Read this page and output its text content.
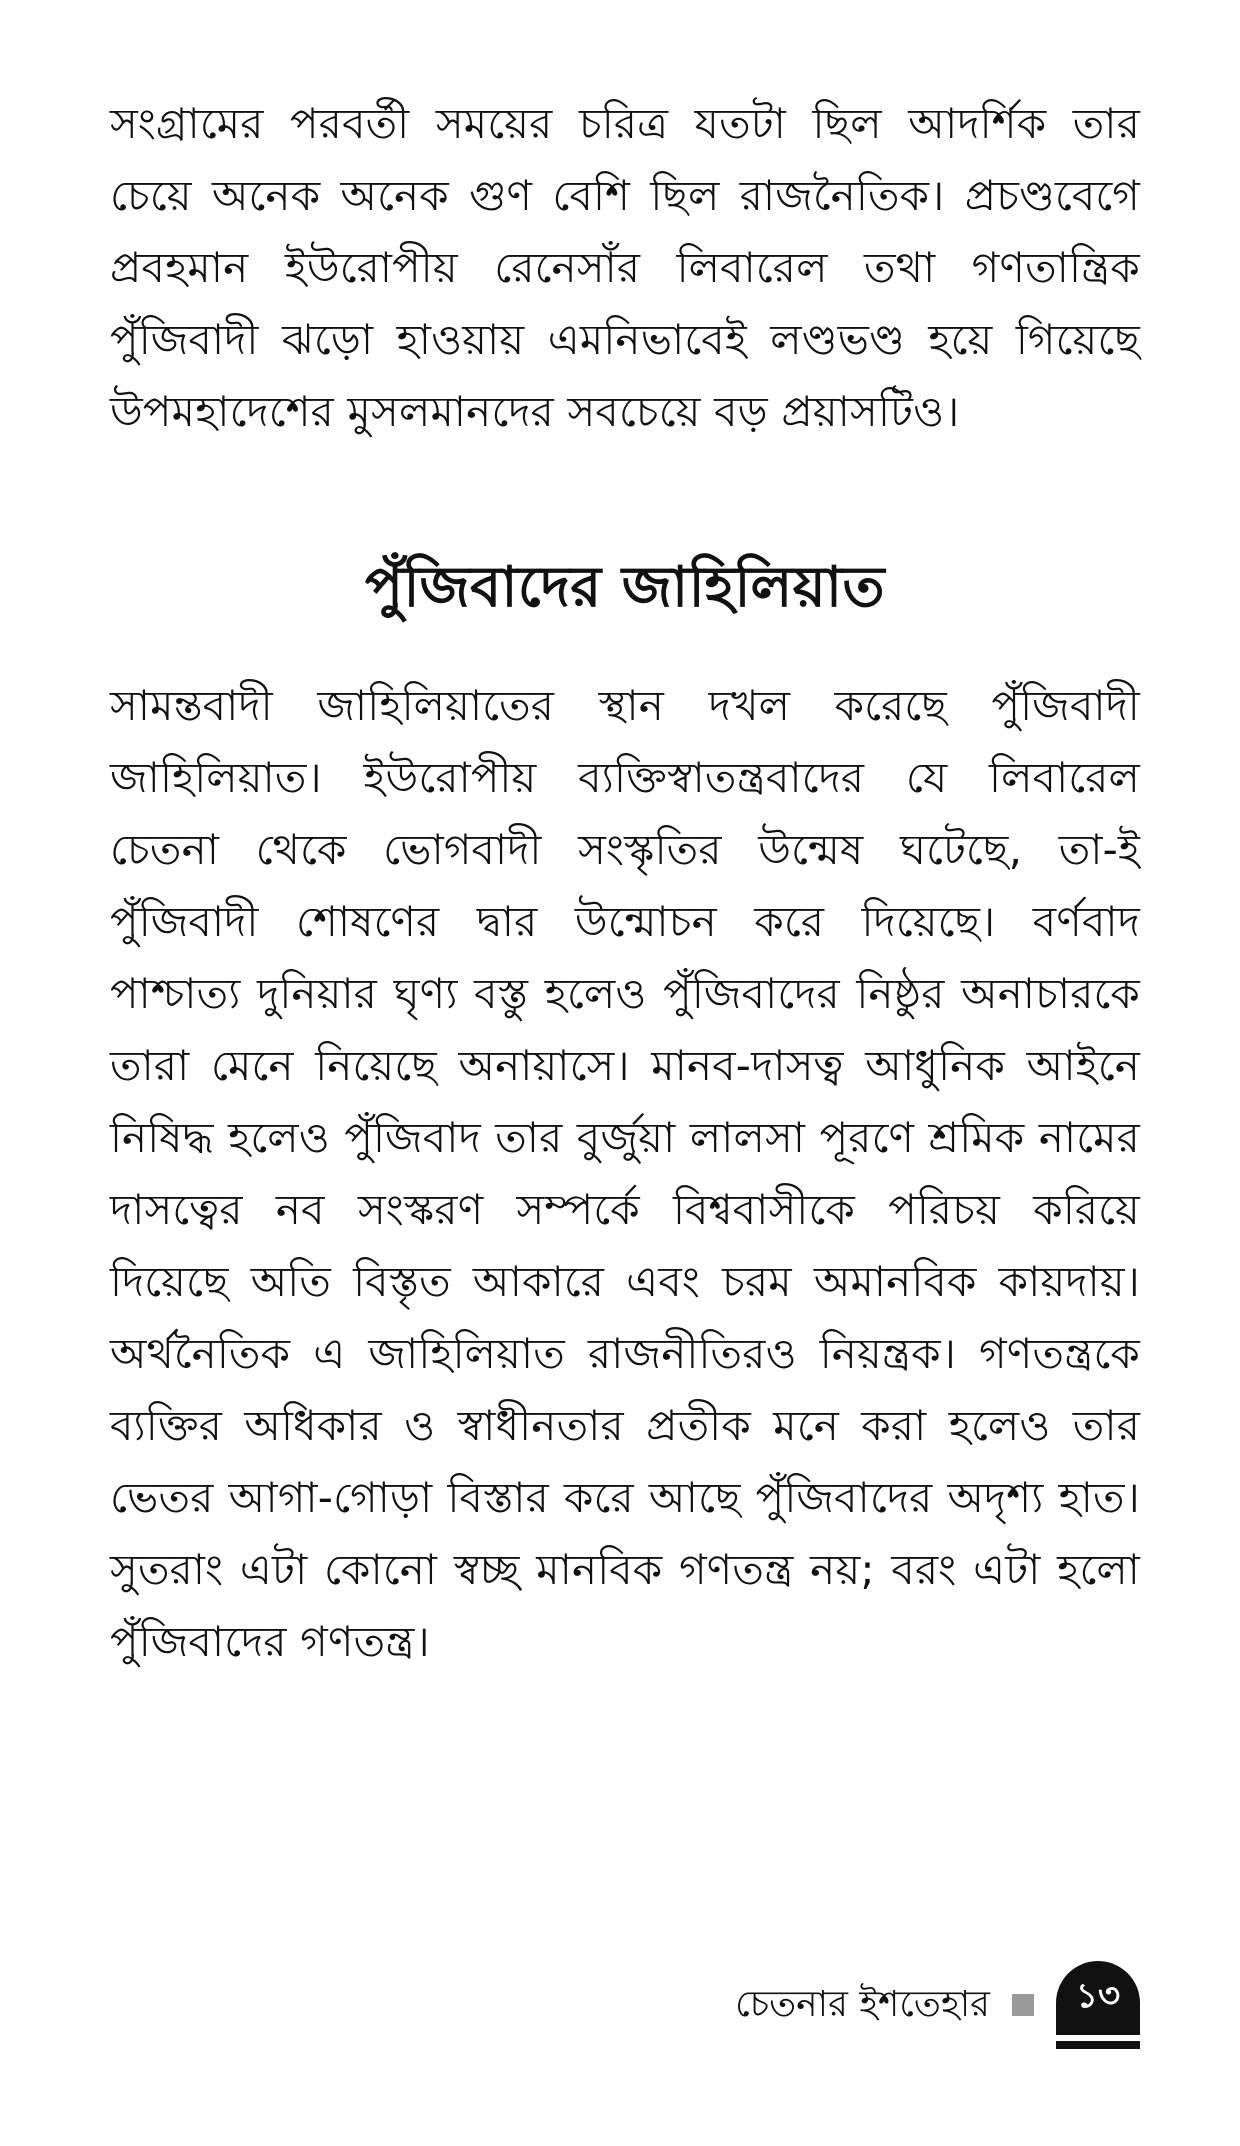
সংগ্রামের পরবর্তী সময়ের চরিত্র যতটা ছিল আদর্শিক তার চেয়ে অনেক অনেক গুণ বেশি ছিল রাজনৈতিক। প্রচণ্ডবেগে প্রবহমান ইউরোপীয় রেনেসাঁর লিবারেল তথা গণতান্ত্রিক পুঁজিবাদী ঝড়ো হাওয়ায় এমনিভাবেই লণ্ডভণ্ড হয়ে গিয়েছে উপমহাদেশের মুসলমানদের সবচেয়ে বড় প্রয়াসটিও।

পুঁজিবাদের জাহিলিয়াত

সামন্তবাদী জাহিলিয়াতের স্থান দখল করেছে পুঁজিবাদী জাহিলিয়াত। ইউরোপীয় ব্যক্তিস্বাতন্ত্রবাদের যে লিবারেল চেতনা থেকে ভোগবাদী সংস্কৃতির উন্মেষ ঘটেছে, তা-ই পুঁজিবাদী শোষণের দ্বার উন্মোচন করে দিয়েছে। বর্ণবাদ পাশ্চাত্য দুনিয়ার ঘৃণ্য বস্তু হলেও পুঁজিবাদের নিষ্ঠুর অনাচারকে তারা মেনে নিয়েছে অনায়াসে। মানব-দাসত্ব আধুনিক আইনে নিষিদ্ধ হলেও পুঁজিবাদ তার বুর্জুয়া লালসা পূরণে শ্রমিক নামের দাসত্বের নব সংস্করণ সম্পর্কে বিশ্ববাসীকে পরিচয় করিয়ে দিয়েছে অতি বিস্তৃত আকারে এবং চরম অমানবিক কায়দায়। অর্থনৈতিক এ জাহিলিয়াত রাজনীতিরও নিয়ন্ত্রক। গণতন্ত্রকে ব্যক্তির অধিকার ও স্বাধীনতার প্রতীক মনে করা হলেও তার ভেতর আগা-গোড়া বিস্তার করে আছে পুঁজিবাদের অদৃশ্য হাত। সুতরাং এটা কোনো স্বচ্ছ মানবিক গণতন্ত্র নয়; বরং এটা হলো পুঁজিবাদের গণতন্ত্র।

চেতনার ইশতেহার	১৩
